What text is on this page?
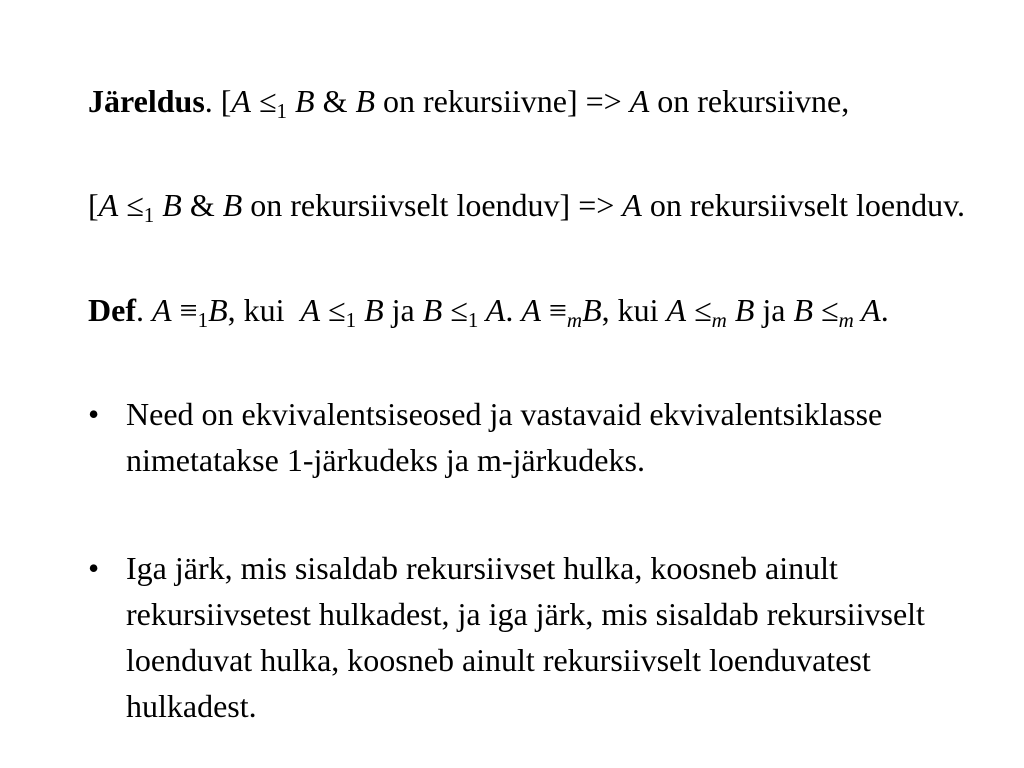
Järeldus. [$A \le_1$ B & B on rekursiivne] => A on rekursiivne,
[$A \le_1$ B & B on rekursiivselt loenduv] => A on rekursiivselt loenduv.
Def. $A \equiv_1B$, kui  $A \le_1$ B ja $B \le_1$ A. $A \equiv_mB$, kui $A \le_m$ B ja $B \le_m$ A.
• Need on ekvivalentsiseosed ja vastavaid ekvivalentsiklasse nimetatakse 1-järkudeks ja m-järkudeks.
• Iga järk, mis sisaldab rekursiivset hulka, koosneb ainult rekursiivsetest hulkadest, ja iga järk, mis sisaldab rekursiivselt loenduvat hulka, koosneb ainult rekursiivselt loenduvatest hulkadest.
